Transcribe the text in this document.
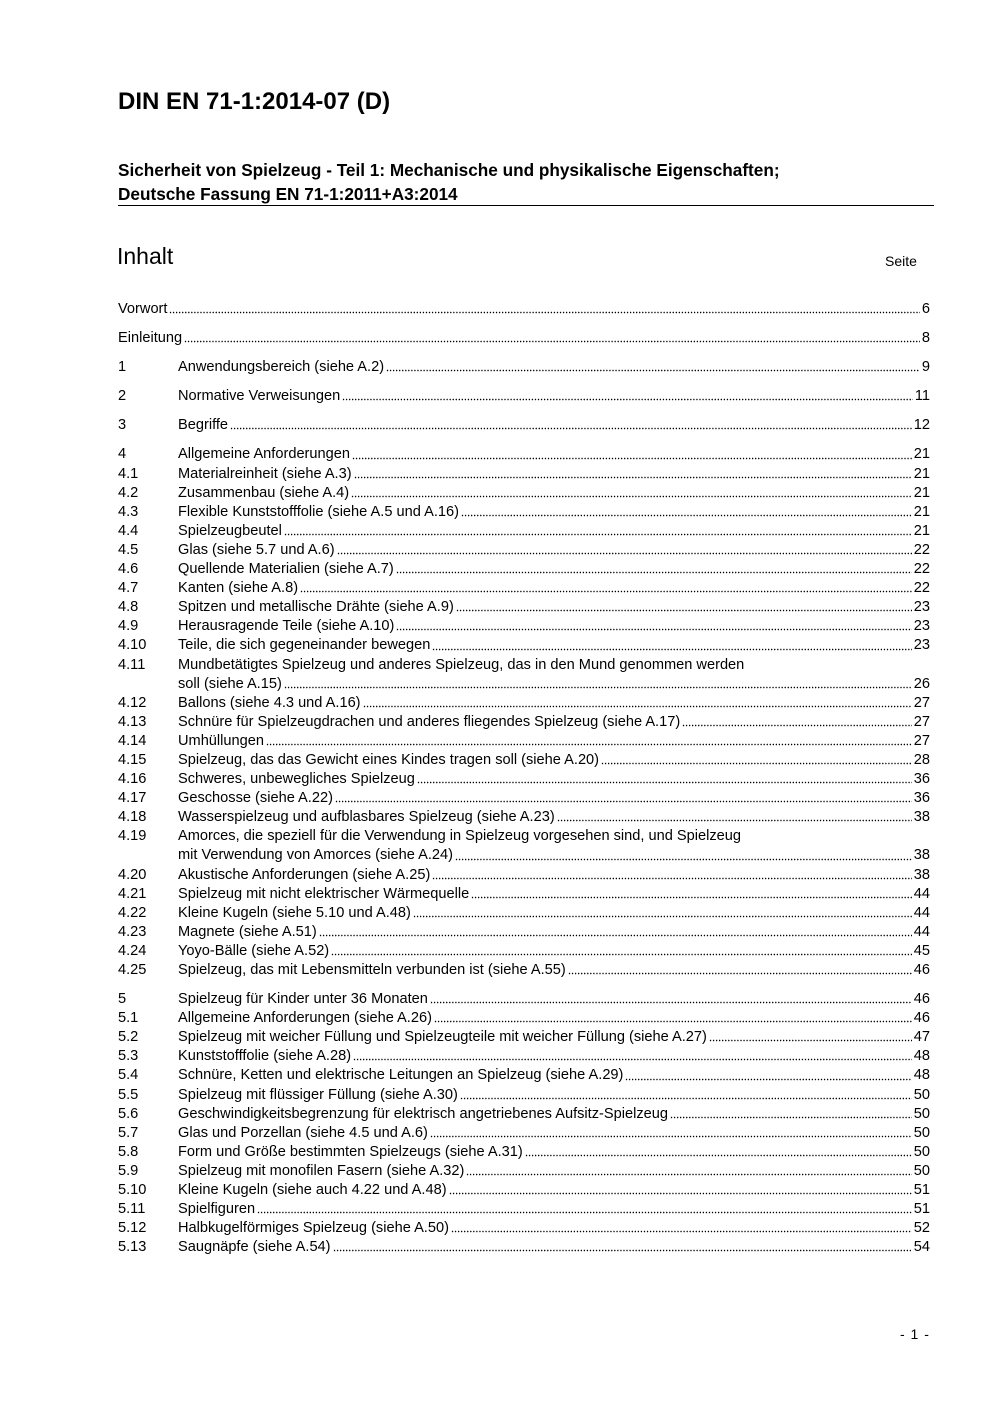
DIN EN 71-1:2014-07 (D)
Sicherheit von Spielzeug - Teil 1: Mechanische und physikalische Eigenschaften;
Deutsche Fassung EN 71-1:2011+A3:2014
Inhalt	Seite
Vorwort	6
Einleitung	8
1	Anwendungsbereich (siehe A.2)	9
2	Normative Verweisungen	11
3	Begriffe	12
4	Allgemeine Anforderungen	21
4.1	Materialreinheit (siehe A.3)	21
4.2	Zusammenbau (siehe A.4)	21
4.3	Flexible Kunststofffolie (siehe A.5 und A.16)	21
4.4	Spielzeugbeutel	21
4.5	Glas (siehe 5.7 und A.6)	22
4.6	Quellende Materialien (siehe A.7)	22
4.7	Kanten (siehe A.8)	22
4.8	Spitzen und metallische Drähte (siehe A.9)	23
4.9	Herausragende Teile (siehe A.10)	23
4.10	Teile, die sich gegeneinander bewegen	23
4.11	Mundbetätigtes Spielzeug und anderes Spielzeug, das in den Mund genommen werden
soll (siehe A.15)	26
4.12	Ballons (siehe 4.3 und A.16)	27
4.13	Schnüre für Spielzeugdrachen und anderes fliegendes Spielzeug (siehe A.17)	27
4.14	Umhüllungen	27
4.15	Spielzeug, das das Gewicht eines Kindes tragen soll (siehe A.20)	28
4.16	Schweres, unbewegliches Spielzeug	36
4.17	Geschosse (siehe A.22)	36
4.18	Wasserspielzeug und aufblasbares Spielzeug (siehe A.23)	38
4.19	Amorces, die speziell für die Verwendung in Spielzeug vorgesehen sind, und Spielzeug
mit Verwendung von Amorces (siehe A.24)	38
4.20	Akustische Anforderungen (siehe A.25)	38
4.21	Spielzeug mit nicht elektrischer Wärmequelle	44
4.22	Kleine Kugeln (siehe 5.10 und A.48)	44
4.23	Magnete (siehe A.51)	44
4.24	Yoyo-Bälle (siehe A.52)	45
4.25	Spielzeug, das mit Lebensmitteln verbunden ist (siehe A.55)	46
5	Spielzeug für Kinder unter 36 Monaten	46
5.1	Allgemeine Anforderungen (siehe A.26)	46
5.2	Spielzeug mit weicher Füllung und Spielzeugteile mit weicher Füllung (siehe A.27)	47
5.3	Kunststofffolie (siehe A.28)	48
5.4	Schnüre, Ketten und elektrische Leitungen an Spielzeug (siehe A.29)	48
5.5	Spielzeug mit flüssiger Füllung (siehe A.30)	50
5.6	Geschwindigkeitsbegrenzung für elektrisch angetriebenes Aufsitz-Spielzeug	50
5.7	Glas und Porzellan (siehe 4.5 und A.6)	50
5.8	Form und Größe bestimmten Spielzeugs (siehe A.31)	50
5.9	Spielzeug mit monofilen Fasern (siehe A.32)	50
5.10	Kleine Kugeln (siehe auch 4.22 und A.48)	51
5.11	Spielfiguren	51
5.12	Halbkugelförmiges Spielzeug (siehe A.50)	52
5.13	Saugnäpfe (siehe A.54)	54
- 1 -
